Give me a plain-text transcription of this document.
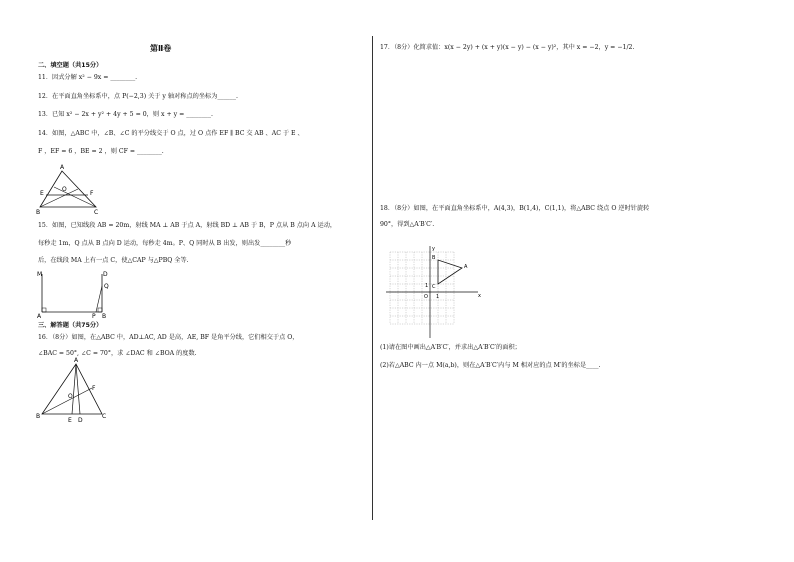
第Ⅱ卷
二、填空题（共15分）
11．因式分解 x² − 9x = ________.
12．在平面直角坐标系中，点 P(−2,3) 关于 y 轴对称点的坐标为______.
13．已知 x² − 2x + y² + 4y + 5 = 0，则 x + y = ________.
14．如图，△ABC 中，∠B、∠C 的平分线交于 O 点，过 O 点作 EF ∥ BC 交 AB 、AC 于 E 、
F ，EF = 6 ，BE = 2 ，则 CF = ________.
A
E
O
F
B	C
15．如图，已知线段 AB = 20m，射线 MA ⊥ AB 于点 A，射线 BD ⊥ AB 于 B，P 点从 B 点向 A 运动，
每秒走 1m，Q 点从 B 点向 D 运动，每秒走 4m。P、Q 同时从 B 出发，则出发________秒
后，在线段 MA 上有一点 C，使△CAP 与△PBQ 全等.
M	D
Q
A	P B
三、解答题（共75分）
16．（8分）如图，在△ABC 中，AD⊥AC, AD 是高，AE, BF 是角平分线，它们相交于点 O，
∠BAC = 50°, ∠C = 70°，求 ∠DAC 和 ∠BOA 的度数.
A
F
O
B
E D
C
17．（8分）化简求值：x(x − 2y) + (x + y)(x − y) − (x − y)²，其中 x = −2，y = −1/2.
18．（8分）如图，在平面直角坐标系中，A(4,3)，B(1,4)，C(1,1)，将△ABC 绕点 O 逆时针旋转
90°，得到△A′B′C′.
y
x
O 1
1
A
B
C
(1)请在图中画出△A′B′C′，并求出△A′B′C′的面积；
(2)若△ABC 内一点 M(a,b)，则在△A′B′C′内与 M 相对应的点 M′的坐标是____.
